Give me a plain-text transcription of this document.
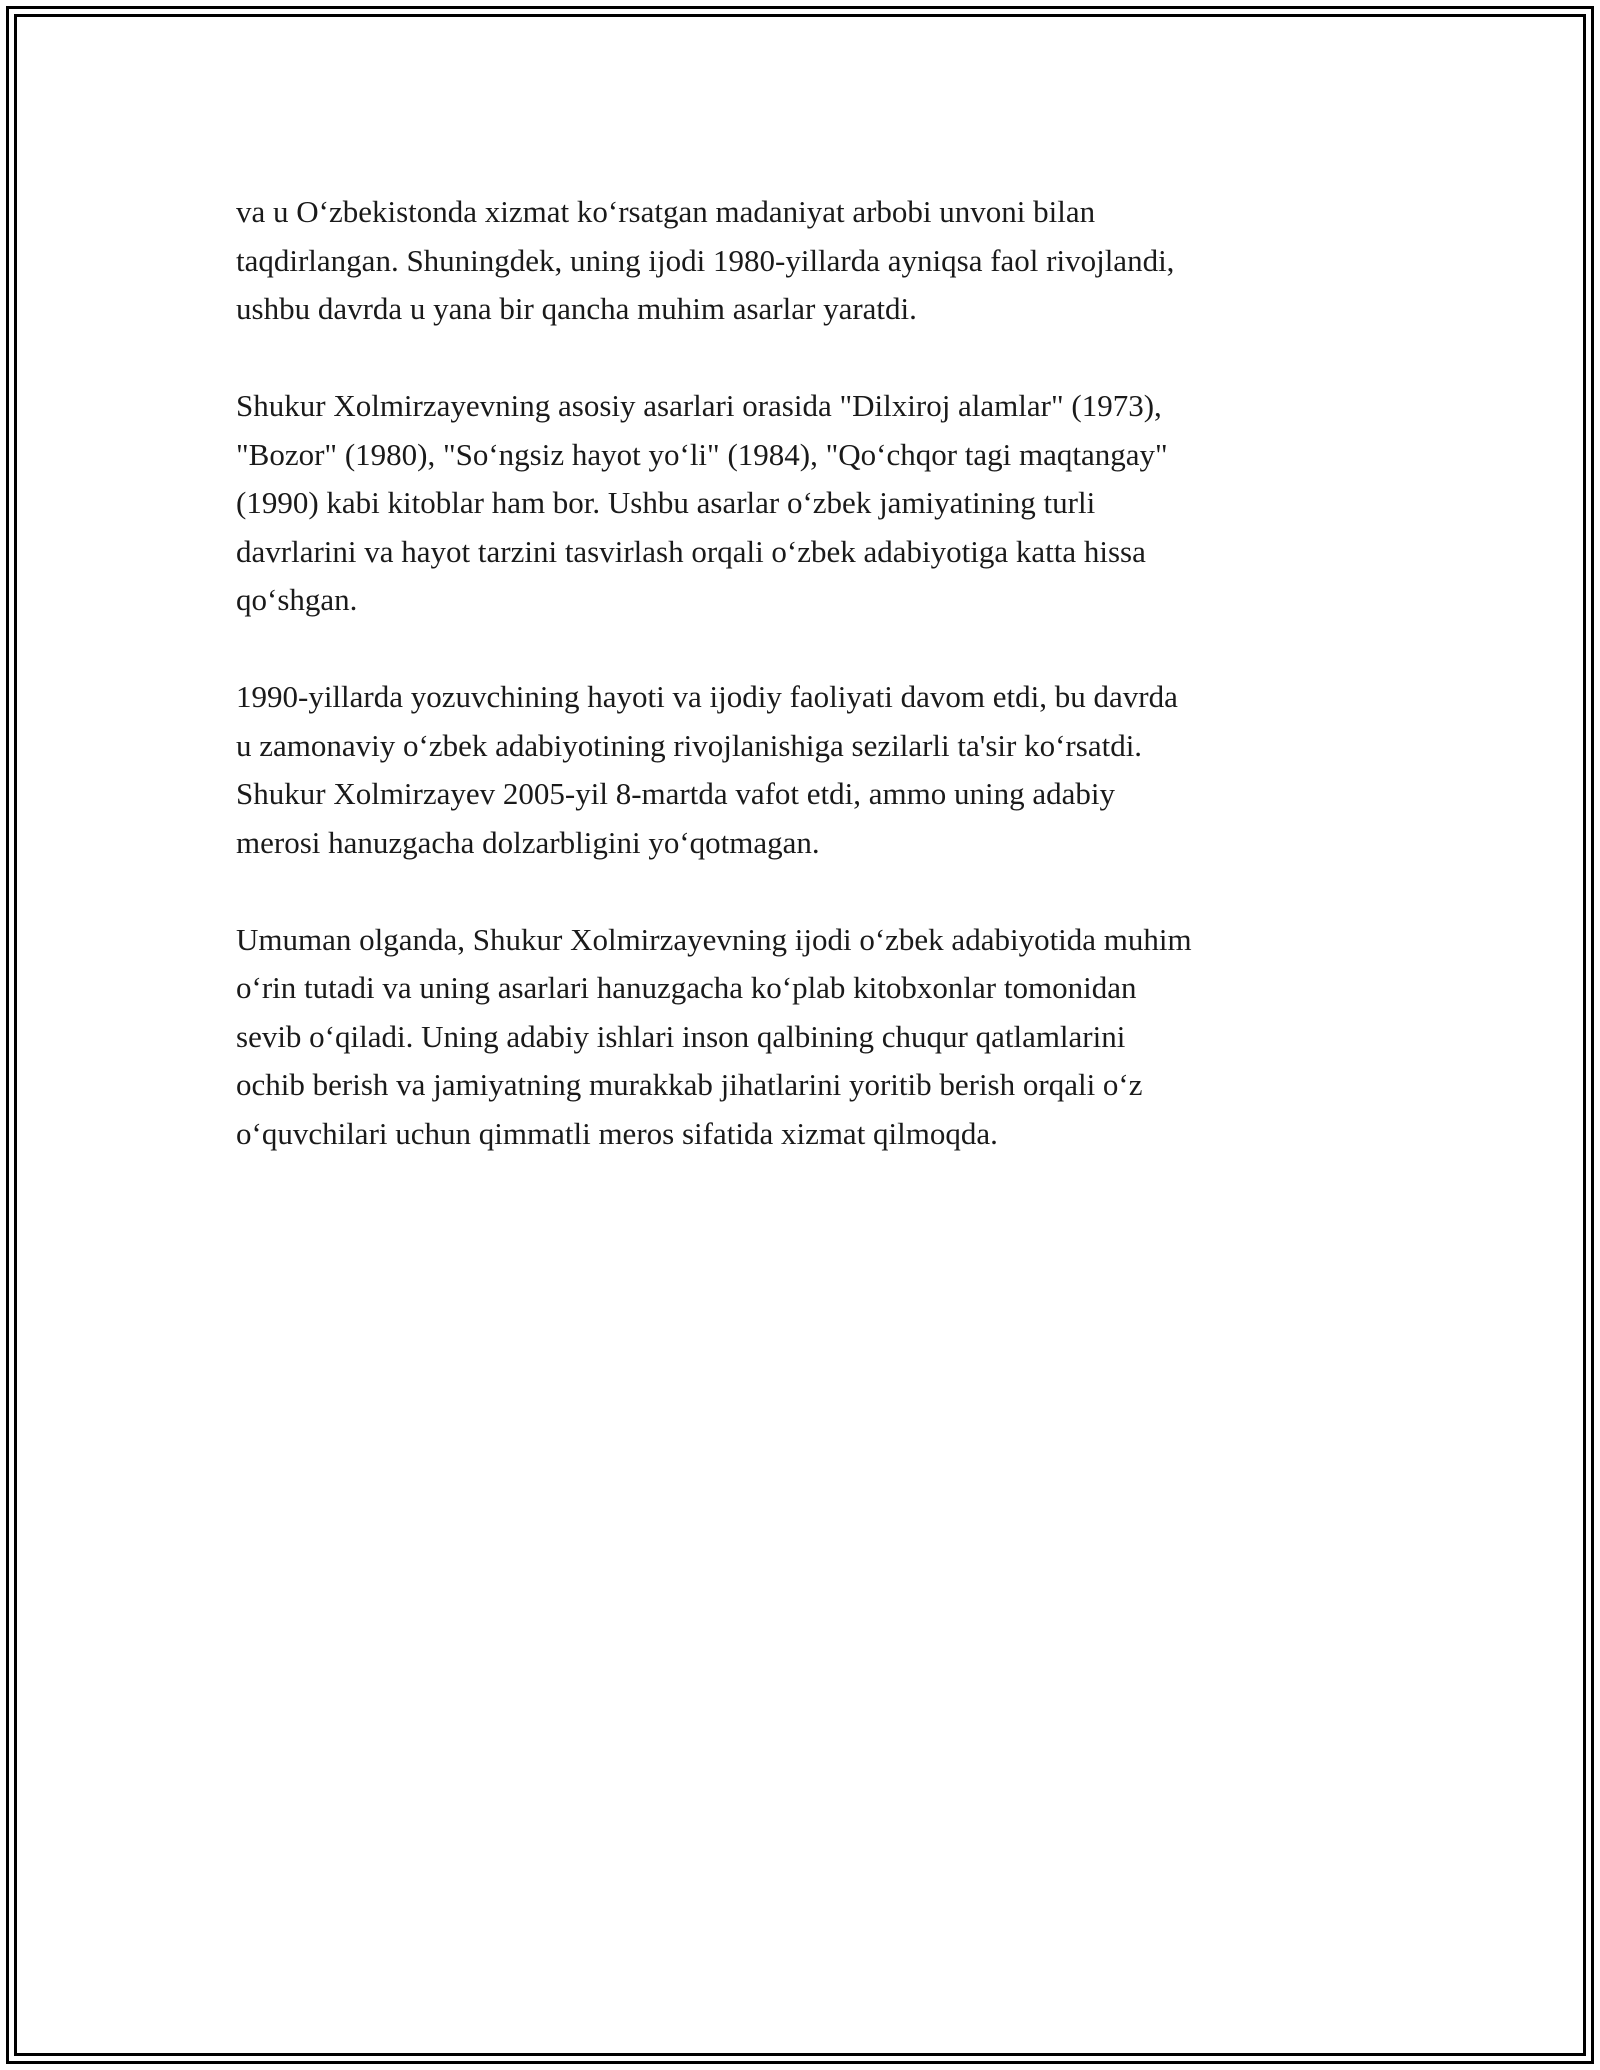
va u O‘zbekistonda xizmat ko‘rsatgan madaniyat arbobi unvoni bilan
taqdirlangan. Shuningdek, uning ijodi 1980-yillarda ayniqsa faol rivojlandi,
ushbu davrda u yana bir qancha muhim asarlar yaratdi.

Shukur Xolmirzayevning asosiy asarlari orasida "Dilxiroj alamlar" (1973),
"Bozor" (1980), "So‘ngsiz hayot yo‘li" (1984), "Qo‘chqor tagi maqtangay"
(1990) kabi kitoblar ham bor. Ushbu asarlar o‘zbek jamiyatining turli
davrlarini va hayot tarzini tasvirlash orqali o‘zbek adabiyotiga katta hissa
qo‘shgan.

1990-yillarda yozuvchining hayoti va ijodiy faoliyati davom etdi, bu davrda
u zamonaviy o‘zbek adabiyotining rivojlanishiga sezilarli ta'sir ko‘rsatdi.
Shukur Xolmirzayev 2005-yil 8-martda vafot etdi, ammo uning adabiy
merosi hanuzgacha dolzarbligini yo‘qotmagan.

Umuman olganda, Shukur Xolmirzayevning ijodi o‘zbek adabiyotida muhim
o‘rin tutadi va uning asarlari hanuzgacha ko‘plab kitobxonlar tomonidan
sevib o‘qiladi. Uning adabiy ishlari inson qalbining chuqur qatlamlarini
ochib berish va jamiyatning murakkab jihatlarini yoritib berish orqali o‘z
o‘quvchilari uchun qimmatli meros sifatida xizmat qilmoqda.
